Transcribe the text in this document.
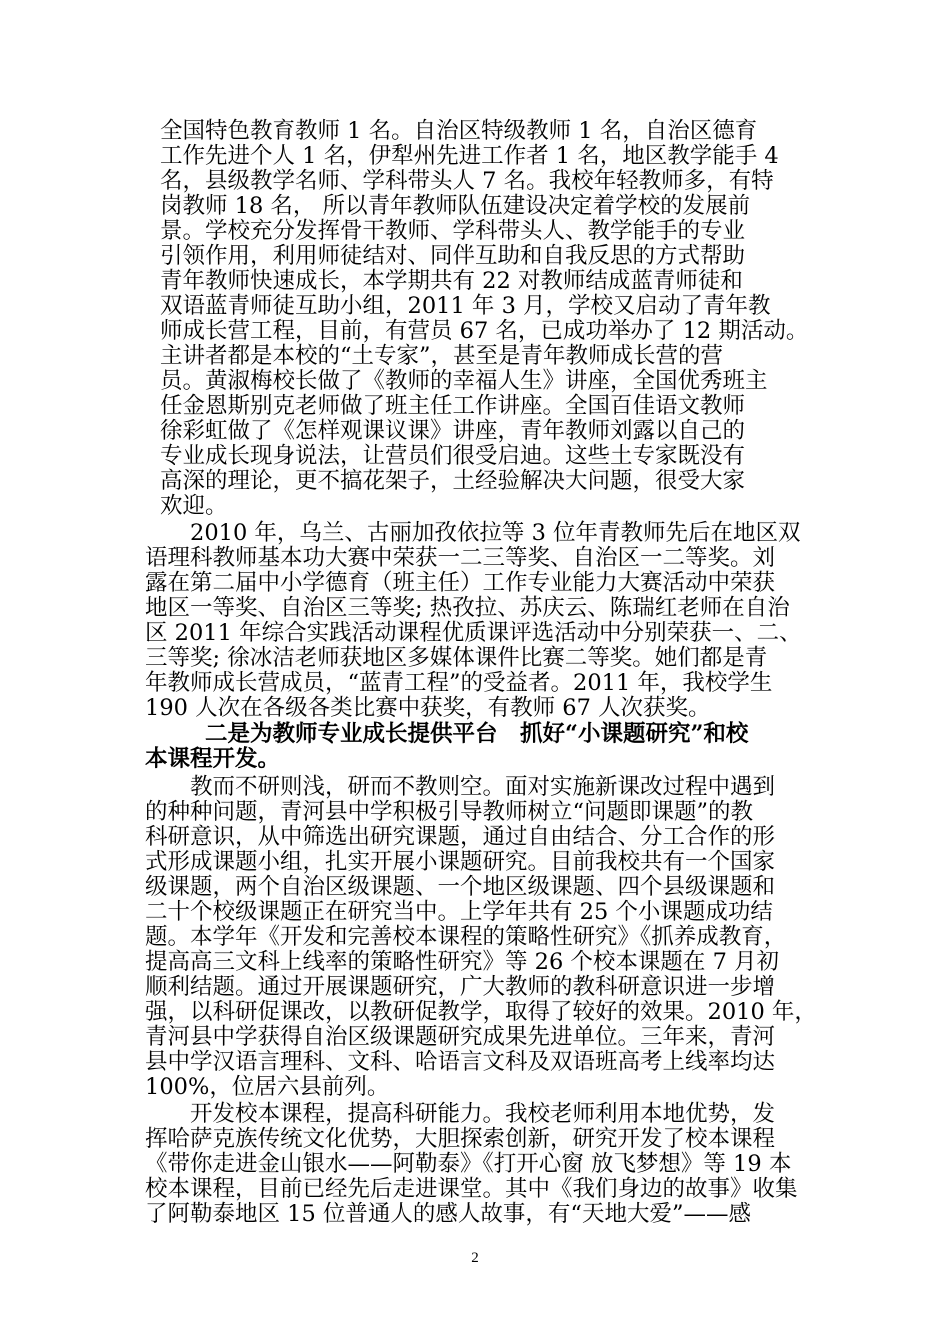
全国特色教育教师 1 名。自治区特级教师 1 名，自治区德育
工作先进个人 1 名，伊犁州先进工作者 1 名，地区教学能手 4
名，县级教学名师、学科带头人 7 名。我校年轻教师多，有特
岗教师 18 名， 所以青年教师队伍建设决定着学校的发展前
景。学校充分发挥骨干教师、学科带头人、教学能手的专业
引领作用，利用师徒结对、同伴互助和自我反思的方式帮助
青年教师快速成长，本学期共有 22 对教师结成蓝青师徒和
双语蓝青师徒互助小组，2011 年 3 月，学校又启动了青年教
师成长营工程，目前，有营员 67 名，已成功举办了 12 期活动。
主讲者都是本校的“土专家”，甚至是青年教师成长营的营
员。黄淑梅校长做了《教师的幸福人生》讲座，全国优秀班主
任金恩斯别克老师做了班主任工作讲座。全国百佳语文教师
徐彩虹做了《怎样观课议课》讲座，青年教师刘露以自己的
专业成长现身说法，让营员们很受启迪。这些土专家既没有
高深的理论，更不搞花架子，土经验解决大问题，很受大家
欢迎。
2010 年，乌兰、古丽加孜依拉等 3 位年青教师先后在地区双
语理科教师基本功大赛中荣获一二三等奖、自治区一二等奖。刘
露在第二届中小学德育（班主任）工作专业能力大赛活动中荣获
地区一等奖、自治区三等奖; 热孜拉、苏庆云、陈瑞红老师在自治
区 2011 年综合实践活动课程优质课评选活动中分别荣获一、二、
三等奖; 徐冰洁老师获地区多媒体课件比赛二等奖。她们都是青
年教师成长营成员，“蓝青工程”的受益者。2011 年，我校学生
190 人次在各级各类比赛中获奖，有教师 67 人次获奖。
二是为教师专业成长提供平台　抓好“小课题研究”和校
本课程开发。
教而不研则浅，研而不教则空。面对实施新课改过程中遇到
的种种问题，青河县中学积极引导教师树立“问题即课题”的教
科研意识，从中筛选出研究课题，通过自由结合、分工合作的形
式形成课题小组，扎实开展小课题研究。目前我校共有一个国家
级课题，两个自治区级课题、一个地区级课题、四个县级课题和
二十个校级课题正在研究当中。上学年共有 25 个小课题成功结
题。本学年《开发和完善校本课程的策略性研究》《抓养成教育，
提高高三文科上线率的策略性研究》等 26 个校本课题在 7 月初
顺利结题。通过开展课题研究，广大教师的教科研意识进一步增
强，以科研促课改，以教研促教学，取得了较好的效果。2010 年，
青河县中学获得自治区级课题研究成果先进单位。三年来，青河
县中学汉语言理科、文科、哈语言文科及双语班高考上线率均达
100%，位居六县前列。
开发校本课程，提高科研能力。我校老师利用本地优势，发
挥哈萨克族传统文化优势，大胆探索创新，研究开发了校本课程
《带你走进金山银水——阿勒泰》《打开心窗 放飞梦想》等 19 本
校本课程，目前已经先后走进课堂。其中《我们身边的故事》收集
了阿勒泰地区 15 位普通人的感人故事，有“天地大爱”——感
2
